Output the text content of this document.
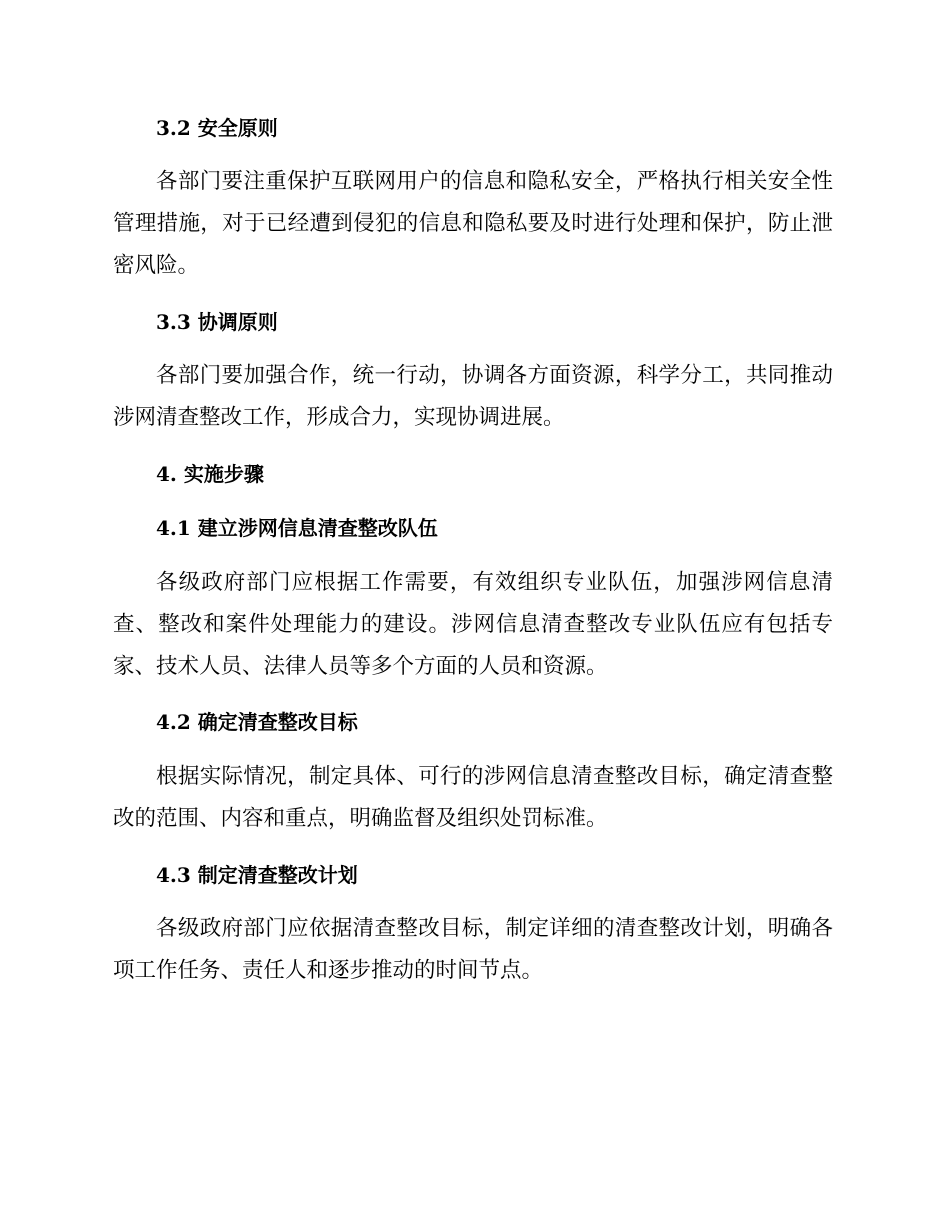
3.2 安全原则

各部门要注重保护互联网用户的信息和隐私安全，严格执行相关安全性管理措施，对于已经遭到侵犯的信息和隐私要及时进行处理和保护，防止泄密风险。

3.3 协调原则

各部门要加强合作，统一行动，协调各方面资源，科学分工，共同推动涉网清查整改工作，形成合力，实现协调进展。

4. 实施步骤
4.1 建立涉网信息清查整改队伍

各级政府部门应根据工作需要，有效组织专业队伍，加强涉网信息清查、整改和案件处理能力的建设。涉网信息清查整改专业队伍应有包括专家、技术人员、法律人员等多个方面的人员和资源。

4.2 确定清查整改目标

根据实际情况，制定具体、可行的涉网信息清查整改目标，确定清查整改的范围、内容和重点，明确监督及组织处罚标准。

4.3 制定清查整改计划

各级政府部门应依据清查整改目标，制定详细的清查整改计划，明确各项工作任务、责任人和逐步推动的时间节点。
